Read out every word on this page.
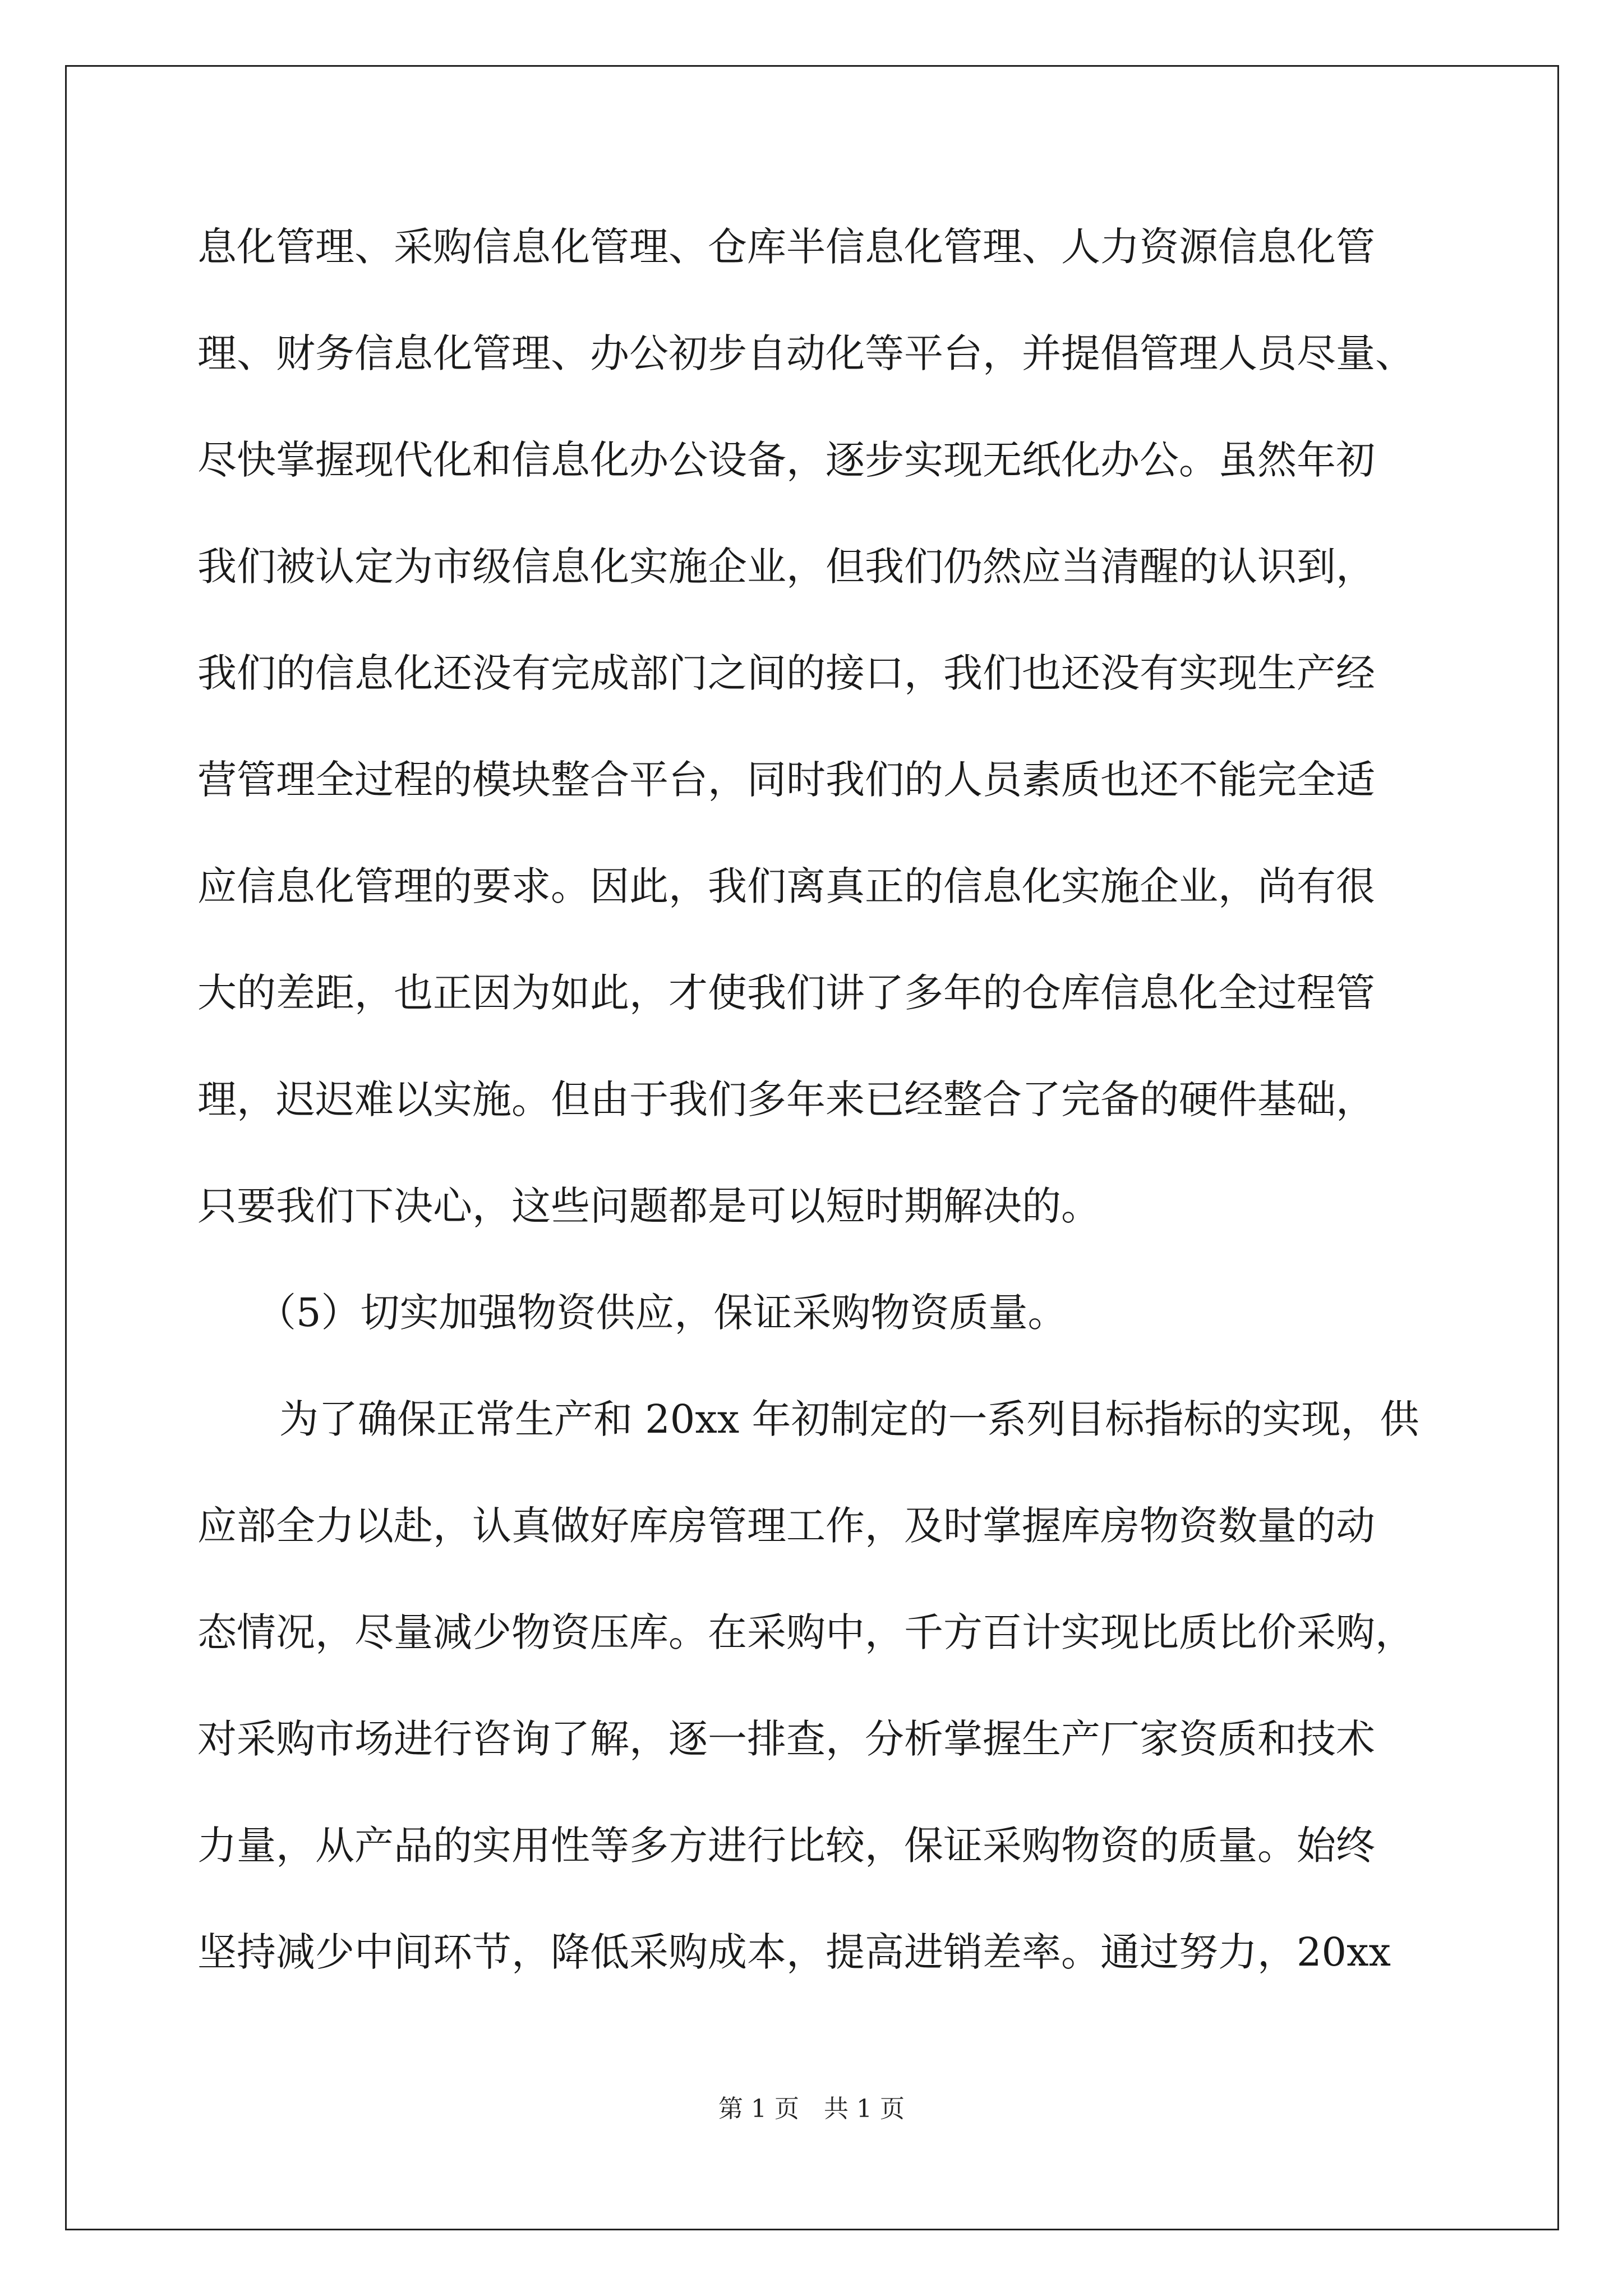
息化管理、采购信息化管理、仓库半信息化管理、人力资源信息化管
理、财务信息化管理、办公初步自动化等平台，并提倡管理人员尽量、
尽快掌握现代化和信息化办公设备，逐步实现无纸化办公。虽然年初
我们被认定为市级信息化实施企业，但我们仍然应当清醒的认识到，
我们的信息化还没有完成部门之间的接口，我们也还没有实现生产经
营管理全过程的模块整合平台，同时我们的人员素质也还不能完全适
应信息化管理的要求。因此，我们离真正的信息化实施企业，尚有很
大的差距，也正因为如此，才使我们讲了多年的仓库信息化全过程管
理，迟迟难以实施。但由于我们多年来已经整合了完备的硬件基础，
只要我们下决心，这些问题都是可以短时期解决的。
（5）切实加强物资供应，保证采购物资质量。
为了确保正常生产和 20xx 年初制定的一系列目标指标的实现，供
应部全力以赴，认真做好库房管理工作，及时掌握库房物资数量的动
态情况，尽量减少物资压库。在采购中，千方百计实现比质比价采购，
对采购市场进行咨询了解，逐一排查，分析掌握生产厂家资质和技术
力量，从产品的实用性等多方进行比较，保证采购物资的质量。始终
坚持减少中间环节，降低采购成本，提高进销差率。通过努力，20xx
第 1 页　共 1 页
